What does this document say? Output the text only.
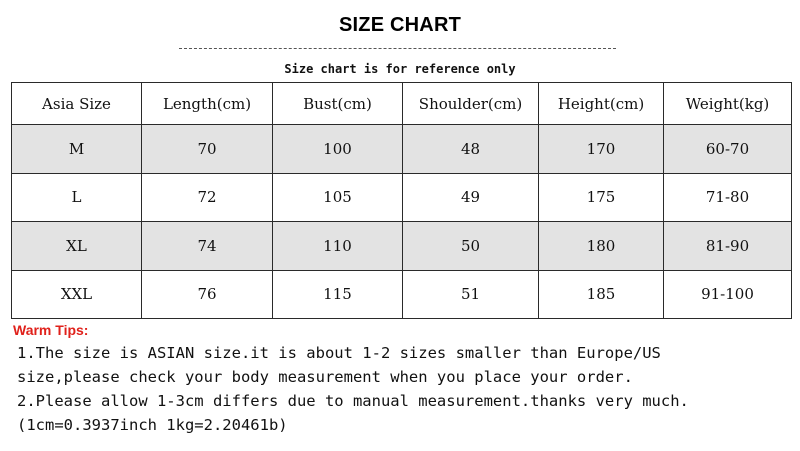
SIZE CHART
Size chart is for reference only
Asia Size	Length(cm)	Bust(cm)	Shoulder(cm)	Height(cm)	Weight(kg)
M	70	100	48	170	60-70
L	72	105	49	175	71-80
XL	74	110	50	180	81-90
XXL	76	115	51	185	91-100
Warm Tips:
1.The size is ASIAN size.it is about 1-2 sizes smaller than Europe/US
size,please check your body measurement when you place your order.
2.Please allow 1-3cm differs due to manual measurement.thanks very much.
(1cm=0.3937inch 1kg=2.20461b)
